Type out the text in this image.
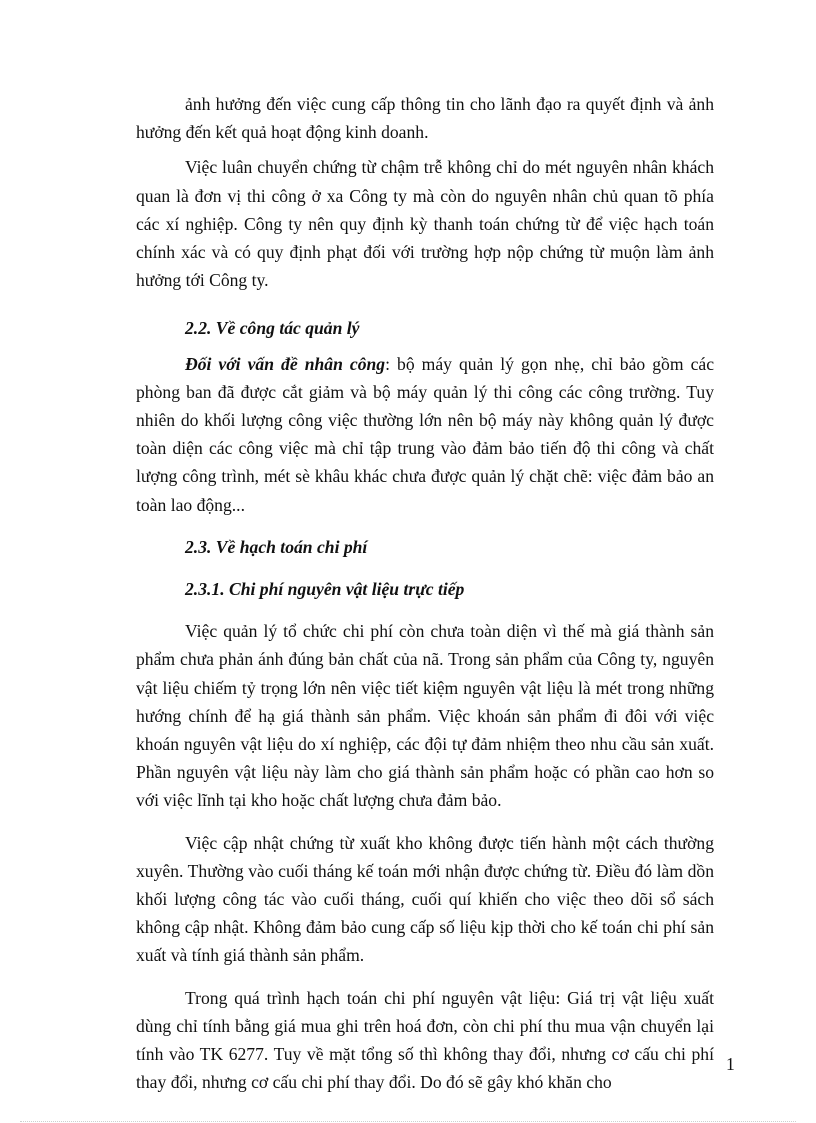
ảnh hưởng đến việc cung cấp thông tin cho lãnh đạo ra quyết định và ảnh hưởng đến kết quả hoạt động kinh doanh.

Việc luân chuyển chứng từ chậm trễ không chỉ do mét nguyên nhân khách quan là đơn vị thi công ở xa Công ty mà còn do nguyên nhân chủ quan tõ phía các xí nghiệp. Công ty nên quy định kỳ thanh toán chứng từ để việc hạch toán chính xác và có quy định phạt đối với trường hợp nộp chứng từ muộn làm ảnh hưởng tới Công ty.

2.2. Về công tác quản lý

Đối với vấn đề nhân công: bộ máy quản lý gọn nhẹ, chỉ bảo gồm các phòng ban đã được cắt giảm và bộ máy quản lý thi công các công trường. Tuy nhiên do khối lượng công việc thường lớn nên bộ máy này không quản lý được toàn diện các công việc mà chỉ tập trung vào đảm bảo tiến độ thi công và chất lượng công trình, mét sè khâu khác chưa được quản lý chặt chẽ: việc đảm bảo an toàn lao động...

2.3. Về hạch toán chi phí

2.3.1. Chi phí nguyên vật liệu trực tiếp

Việc quản lý tổ chức chi phí còn chưa toàn diện vì thế mà giá thành sản phẩm chưa phản ánh đúng bản chất của nã. Trong sản phẩm của Công ty, nguyên vật liệu chiếm tỷ trọng lớn nên việc tiết kiệm nguyên vật liệu là mét trong những hướng chính để hạ giá thành sản phẩm. Việc khoán sản phẩm đi đôi với việc khoán nguyên vật liệu do xí nghiệp, các đội tự đảm nhiệm theo nhu cầu sản xuất. Phần nguyên vật liệu này làm cho giá thành sản phẩm hoặc có phần cao hơn so với việc lĩnh tại kho hoặc chất lượng chưa đảm bảo.

Việc cập nhật chứng từ xuất kho không được tiến hành một cách thường xuyên. Thường vào cuối tháng kế toán mới nhận được chứng từ. Điều đó làm dồn khối lượng công tác vào cuối tháng, cuối quí khiến cho việc theo dõi sổ sách không cập nhật. Không đảm bảo cung cấp số liệu kịp thời cho kế toán chi phí sản xuất và tính giá thành sản phẩm.

Trong quá trình hạch toán chi phí nguyên vật liệu: Giá trị vật liệu xuất dùng chỉ tính bằng giá mua ghi trên hoá đơn, còn chi phí thu mua vận chuyển lại tính vào TK 6277. Tuy về mặt tổng số thì không thay đổi, nhưng cơ cấu chi phí thay đổi, nhưng cơ cấu chi phí thay đổi. Do đó sẽ gây khó khăn cho

1
